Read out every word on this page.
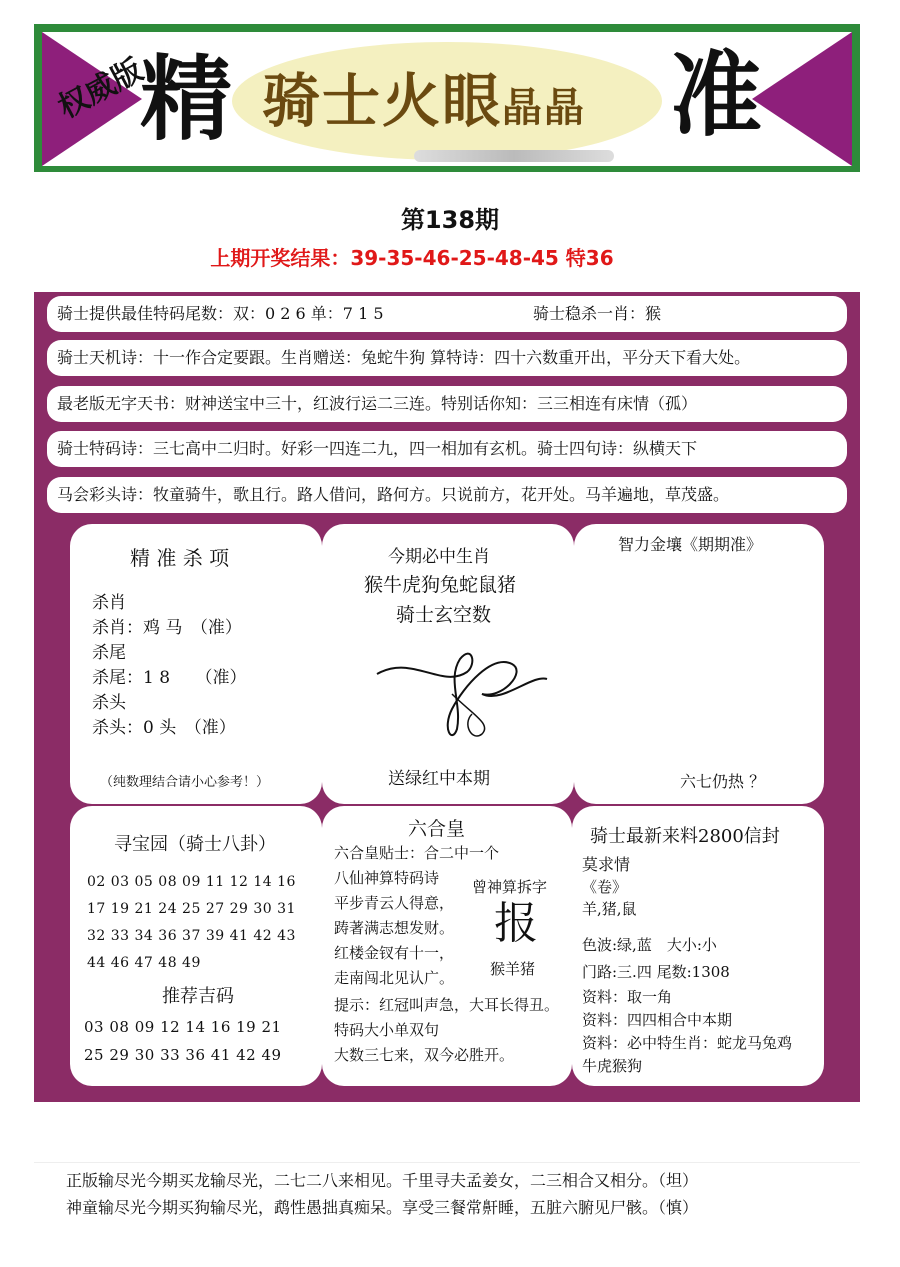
权威版
精 骑士火眼晶晶 准
第138期
上期开奖结果：39-35-46-25-48-45 特36
骑士提供最佳特码尾数：双：0 2 6 单：7 1 5	骑士稳杀一肖：猴
骑士天机诗：十一作合定要跟。生肖赠送：兔蛇牛狗 算特诗：四十六数重开出，平分天下看大处。
最老版无字天书：财神送宝中三十，红波行运二三连。特别话你知：三三相连有床情（孤）
骑士特码诗：三七高中二归时。好彩一四连二九，四一相加有玄机。骑士四句诗：纵横天下
马会彩头诗：牧童骑牛，歌且行。路人借问，路何方。只说前方，花开处。马羊遍地，草茂盛。
精 准 杀 项
杀肖
杀肖：鸡 马　（准）
杀尾
杀尾：1 8　　（准）
杀头
杀头：0 头　（准）
（纯数理结合请小心参考！）
今期必中生肖
猴牛虎狗兔蛇鼠猪
骑士玄空数
送绿红中本期
智力金壤《期期准》
六七仍热 ？
寻宝园（骑士八卦）
02 03 05 08 09 11 12 14 16
17 19 21 24 25 27 29 30 31
32 33 34 36 37 39 41 42 43
44 46 47 48 49
推荐吉码
03 08 09 12 14 16 19 21
25 29 30 33 36 41 42 49
六合皇
六合皇贴士：合二中一个
八仙神算特码诗
平步青云人得意，
踌著满志想发财。
红楼金钗有十一，
走南闯北见认广。
提示：红冠叫声急，大耳长得丑。
特码大小单双句
大数三七来，双今必胜开。
曾神算拆字
报
猴羊猪
骑士最新来料2800信封
莫求情
《卷》
羊,猪,鼠
色波:绿,蓝　大小:小
门路:三.四 尾数:1308
资料：取一角
资料：四四相合中本期
资料：必中特生肖：蛇龙马兔鸡
牛虎猴狗
正版输尽光今期买龙输尽光，二七二八来相见。千里寻夫孟姜女，二三相合又相分。（坦）
神童输尽光今期买狗输尽光，鹉性愚拙真痴呆。享受三餐常鼾睡，五脏六腑见尸骸。（慎）
